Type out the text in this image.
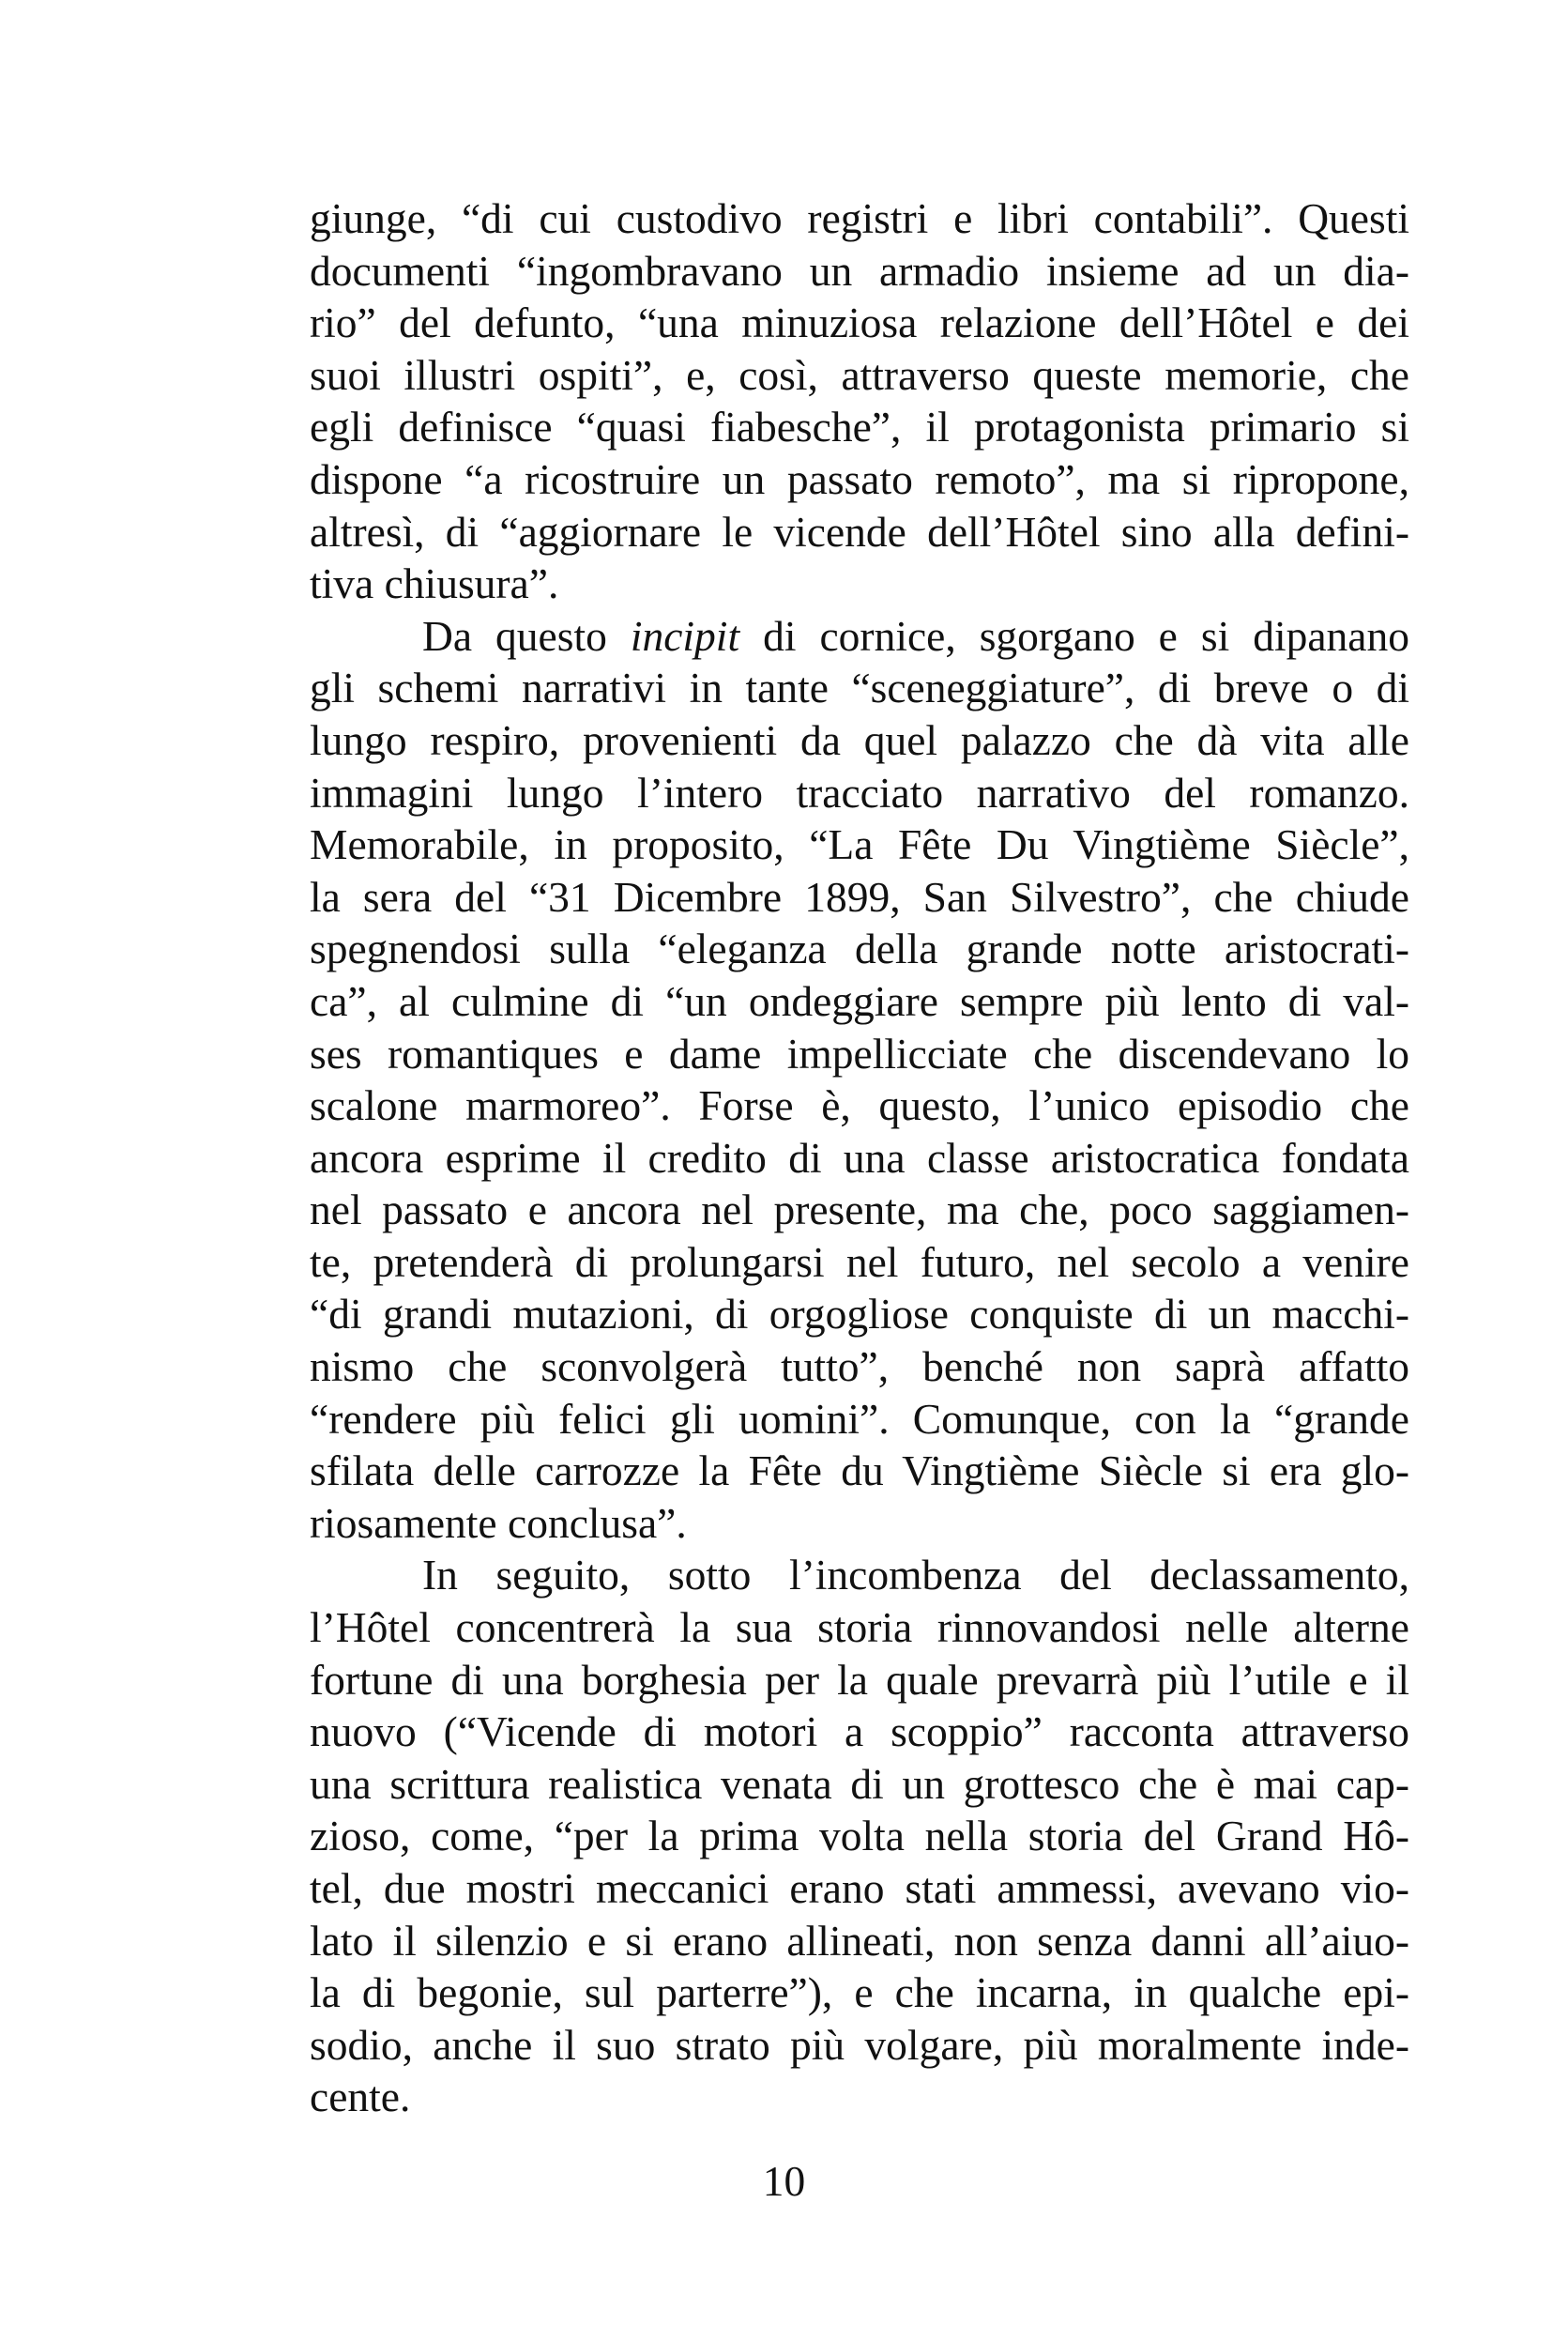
giunge, “di cui custodivo registri e libri contabili”. Questi
documenti “ingombravano un armadio insieme ad un dia-
rio” del defunto, “una minuziosa relazione dell’Hôtel e dei
suoi illustri ospiti”, e, così, attraverso queste memorie, che
egli definisce “quasi fiabesche”, il protagonista primario si
dispone “a ricostruire un passato remoto”, ma si ripropone,
altresì, di “aggiornare le vicende dell’Hôtel sino alla defini-
tiva chiusura”.
Da questo incipit di cornice, sgorgano e si dipanano
gli schemi narrativi in tante “sceneggiature”, di breve o di
lungo respiro, provenienti da quel palazzo che dà vita alle
immagini lungo l’intero tracciato narrativo del romanzo.
Memorabile, in proposito, “La Fête Du Vingtième Siècle”,
la sera del “31 Dicembre 1899, San Silvestro”, che chiude
spegnendosi sulla “eleganza della grande notte aristocrati-
ca”, al culmine di “un ondeggiare sempre più lento di val-
ses romantiques e dame impellicciate che discendevano lo
scalone marmoreo”. Forse è, questo, l’unico episodio che
ancora esprime il credito di una classe aristocratica fondata
nel passato e ancora nel presente, ma che, poco saggiamen-
te, pretenderà di prolungarsi nel futuro, nel secolo a venire
“di grandi mutazioni, di orgogliose conquiste di un macchi-
nismo che sconvolgerà tutto”, benché non saprà affatto
“rendere più felici gli uomini”. Comunque, con la “grande
sfilata delle carrozze la Fête du Vingtième Siècle si era glo-
riosamente conclusa”.
In seguito, sotto l’incombenza del declassamento,
l’Hôtel concentrerà la sua storia rinnovandosi nelle alterne
fortune di una borghesia per la quale prevarrà più l’utile e il
nuovo (“Vicende di motori a scoppio” racconta attraverso
una scrittura realistica venata di un grottesco che è mai cap-
zioso, come, “per la prima volta nella storia del Grand Hô-
tel, due mostri meccanici erano stati ammessi, avevano vio-
lato il silenzio e si erano allineati, non senza danni all’aiuo-
la di begonie, sul parterre”), e che incarna, in qualche epi-
sodio, anche il suo strato più volgare, più moralmente inde-
cente.
10
